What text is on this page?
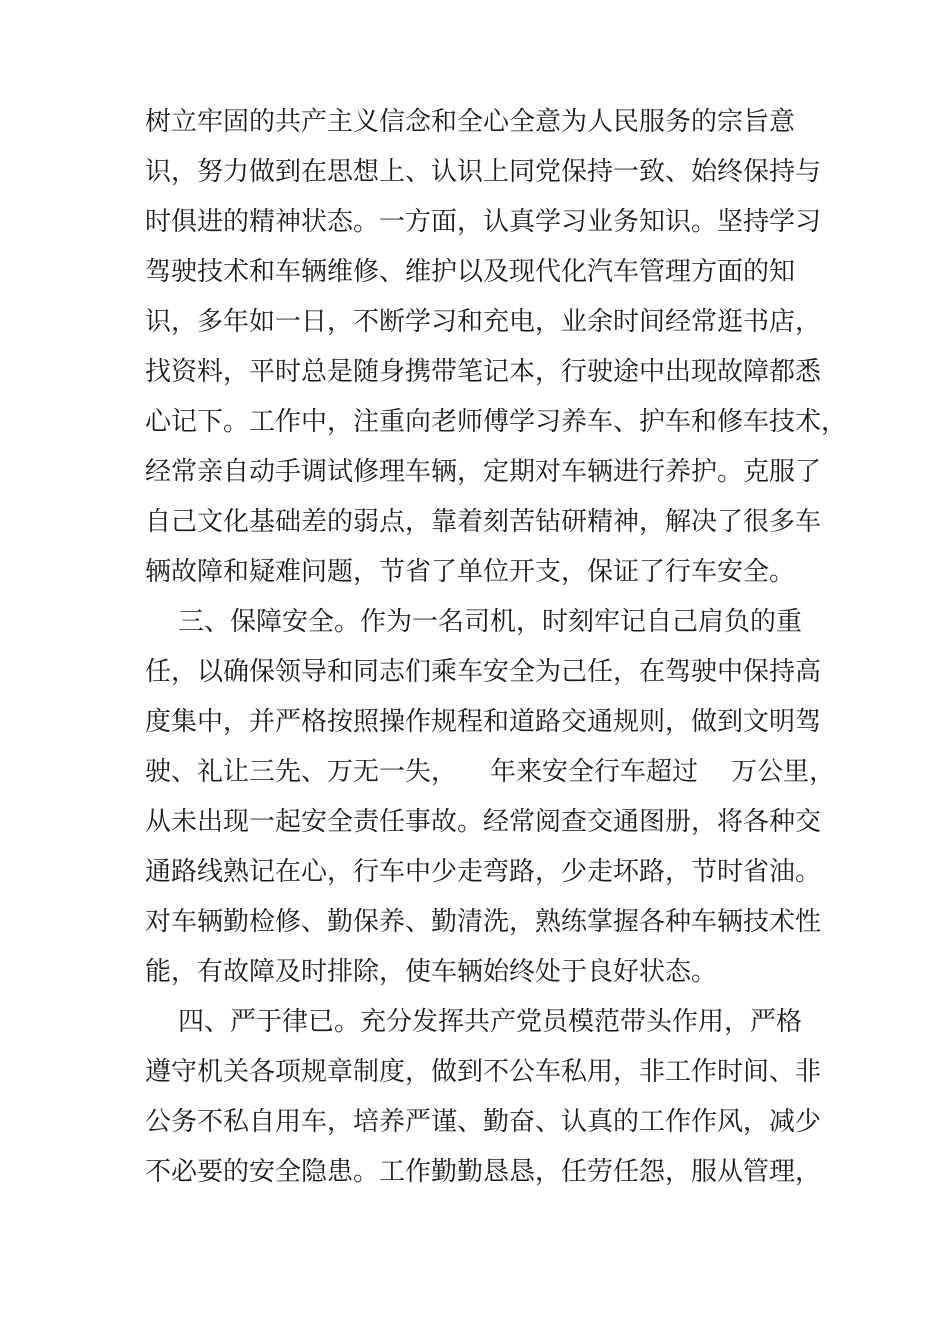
树立牢固的共产主义信念和全心全意为人民服务的宗旨意
识，努力做到在思想上、认识上同党保持一致、始终保持与
时俱进的精神状态。一方面，认真学习业务知识。坚持学习
驾驶技术和车辆维修、维护以及现代化汽车管理方面的知
识，多年如一日，不断学习和充电，业余时间经常逛书店，
找资料，平时总是随身携带笔记本，行驶途中出现故障都悉
心记下。工作中，注重向老师傅学习养车、护车和修车技术，
经常亲自动手调试修理车辆，定期对车辆进行养护。克服了
自己文化基础差的弱点，靠着刻苦钻研精神，解决了很多车
辆故障和疑难问题，节省了单位开支，保证了行车安全。
三、保障安全。作为一名司机，时刻牢记自己肩负的重
任，以确保领导和同志们乘车安全为己任，在驾驶中保持高
度集中，并严格按照操作规程和道路交通规则，做到文明驾
驶、礼让三先、万无一失，    年来安全行车超过    万公里，
从未出现一起安全责任事故。经常阅查交通图册，将各种交
通路线熟记在心，行车中少走弯路，少走坏路，节时省油。
对车辆勤检修、勤保养、勤清洗，熟练掌握各种车辆技术性
能，有故障及时排除，使车辆始终处于良好状态。
四、严于律已。充分发挥共产党员模范带头作用，严格
遵守机关各项规章制度，做到不公车私用，非工作时间、非
公务不私自用车，培养严谨、勤奋、认真的工作作风，减少
不必要的安全隐患。工作勤勤恳恳，任劳任怨，服从管理，
